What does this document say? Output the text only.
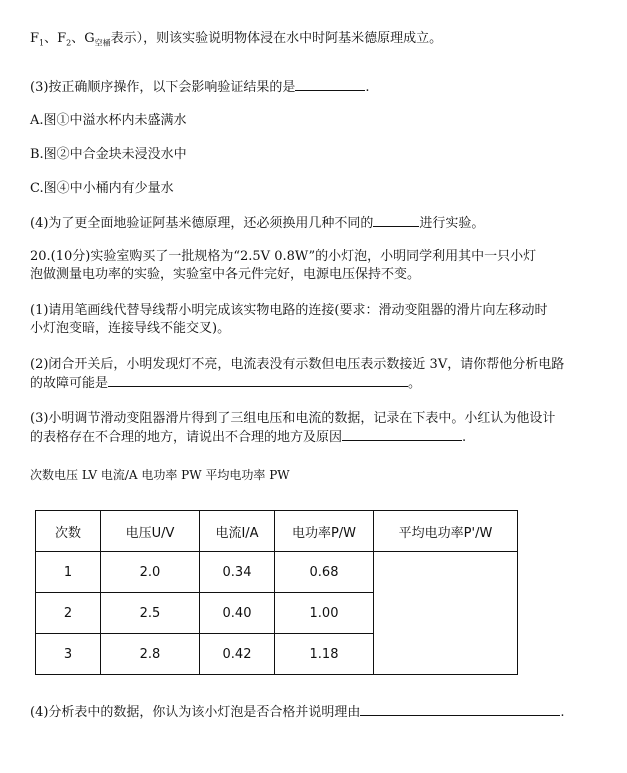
$F_1$、$F_2$、$G_{空桶}$表示），则该实验说明物体浸在水中时阿基米德原理成立。
(3)按正确顺序操作，以下会影响验证结果的是	.
A.图①中溢水杯内未盛满水
B.图②中合金块未浸没水中
C.图④中小桶内有少量水
(4)为了更全面地验证阿基米德原理，还必须换用几种不同的	进行实验。
20.(10分)实验室购买了一批规格为“2.5V 0.8W”的小灯泡，小明同学利用其中一只小灯
泡做测量电功率的实验，实验室中各元件完好，电源电压保持不变。
(1)请用笔画线代替导线帮小明完成该实物电路的连接(要求：滑动变阻器的滑片向左移动时
小灯泡变暗，连接导线不能交叉)。
(2)闭合开关后，小明发现灯不亮，电流表没有示数但电压表示数接近 3V，请你帮他分析电路
的故障可能是	。
(3)小明调节滑动变阻器滑片得到了三组电压和电流的数据，记录在下表中。小红认为他设计
的表格存在不合理的地方，请说出不合理的地方及原因	.
次数电压 LV 电流/A 电功率 PW 平均电功率 PW
次数	电压U/V	电流I/A	电功率P/W	平均电功率P'/W
1	2.0	0.34	0.68	
2	2.5	0.40	1.00	
3	2.8	0.42	1.18	
(4)分析表中的数据，你认为该小灯泡是否合格并说明理由	.
